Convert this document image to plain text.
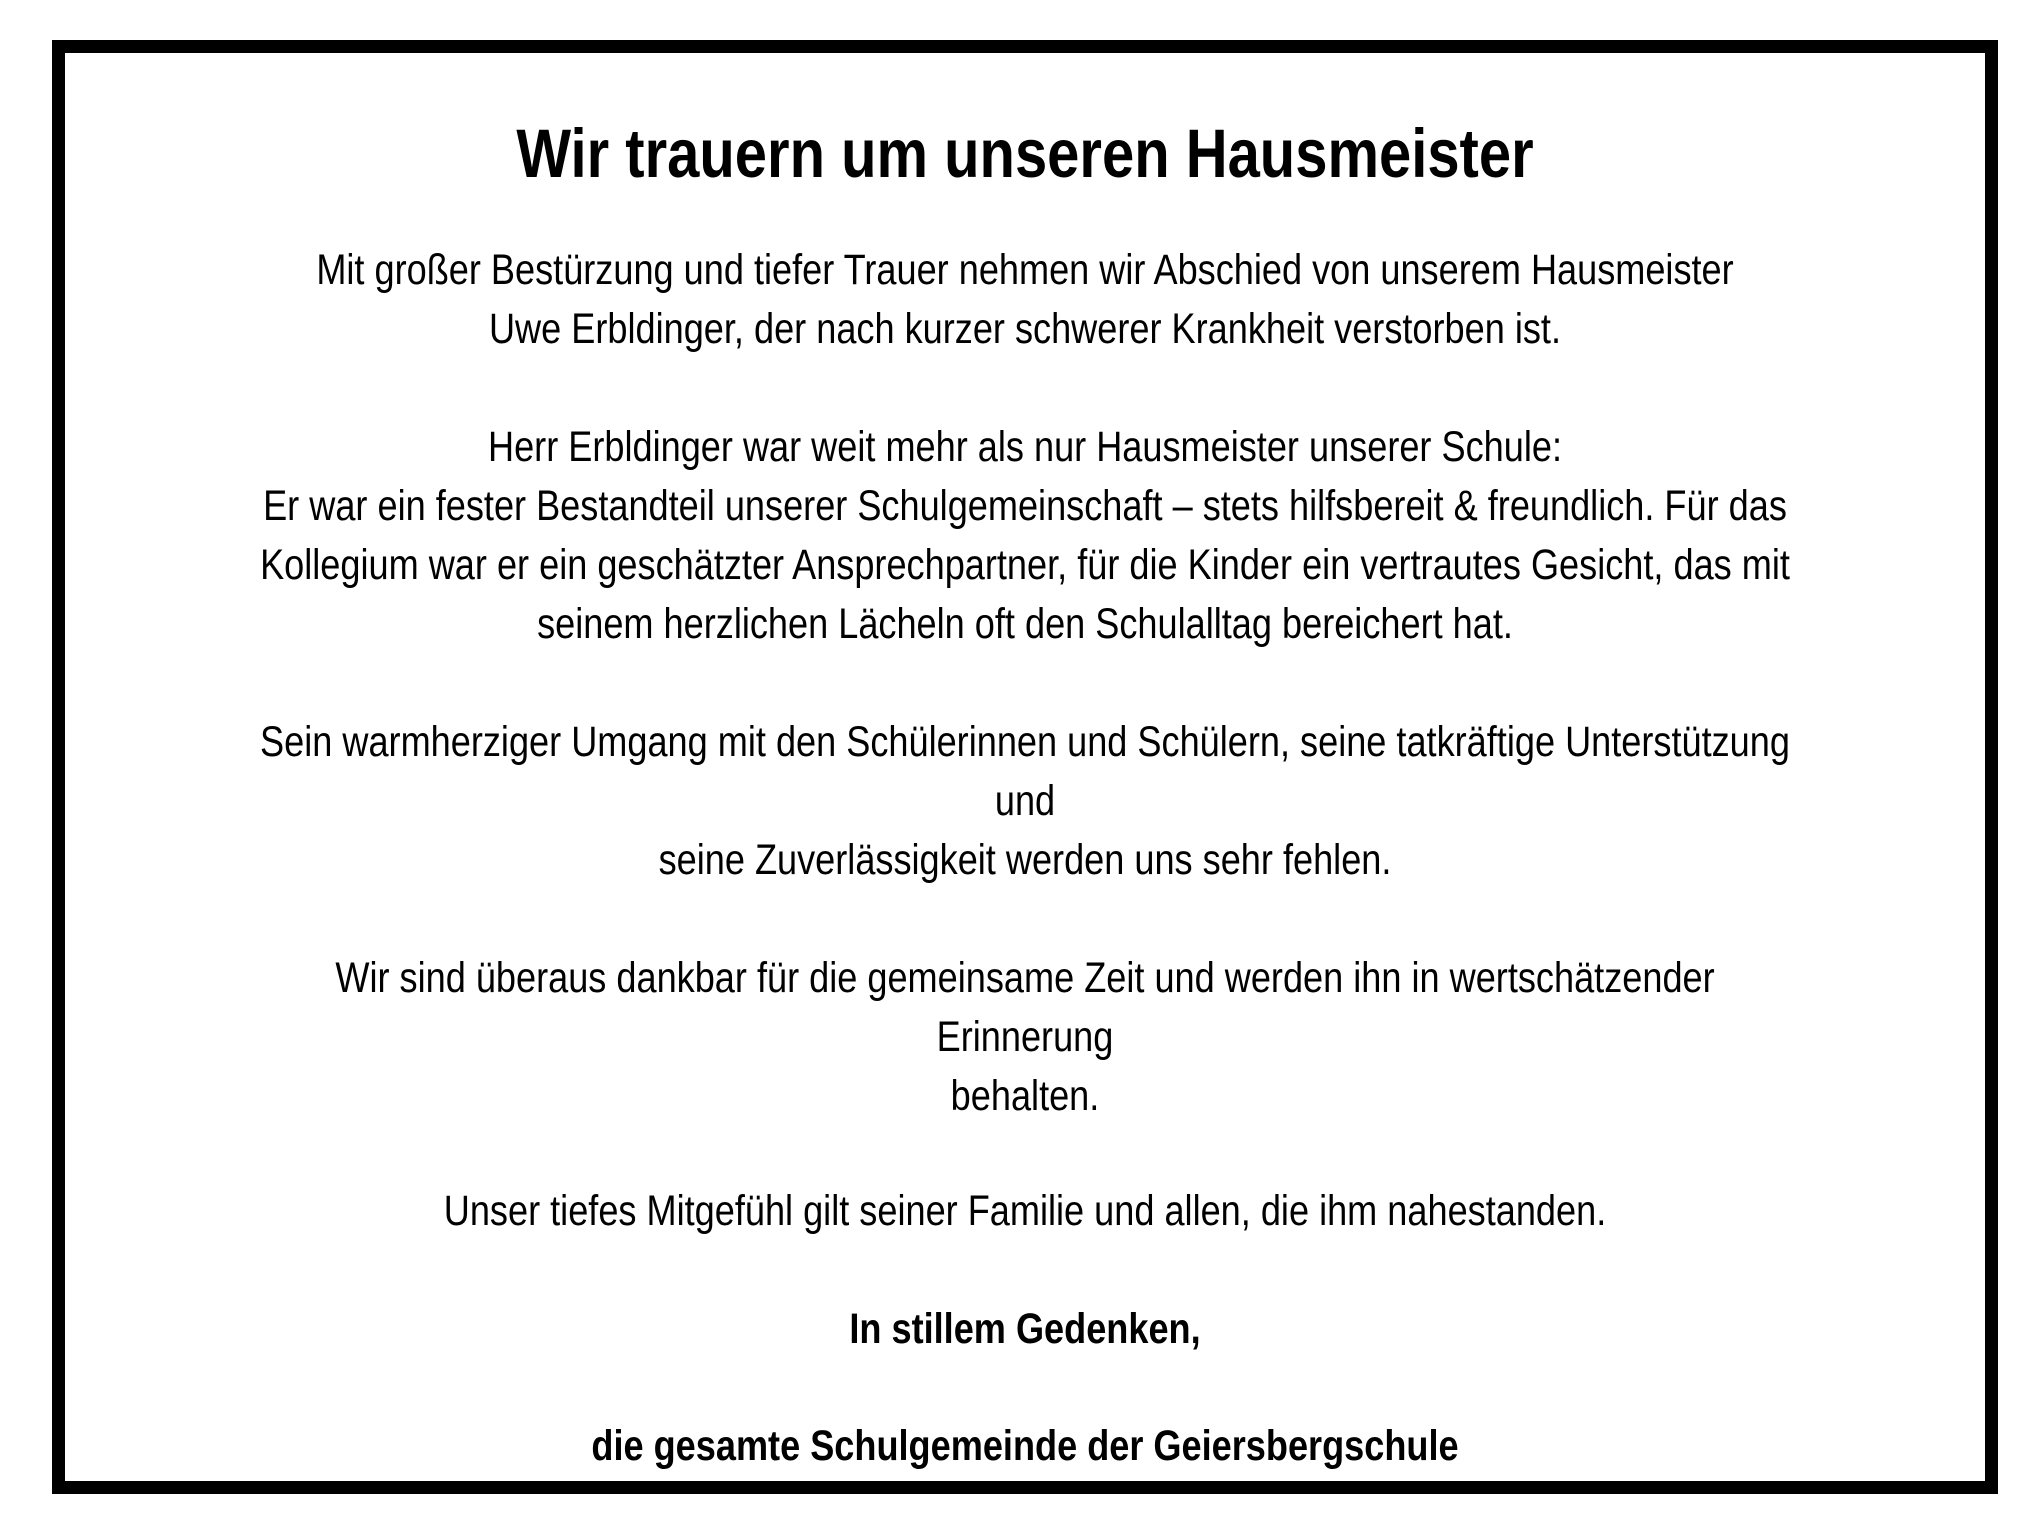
Wir trauern um unseren Hausmeister

Mit großer Bestürzung und tiefer Trauer nehmen wir Abschied von unserem Hausmeister
Uwe Erbldinger, der nach kurzer schwerer Krankheit verstorben ist.

Herr Erbldinger war weit mehr als nur Hausmeister unserer Schule:
Er war ein fester Bestandteil unserer Schulgemeinschaft – stets hilfsbereit & freundlich. Für das
Kollegium war er ein geschätzter Ansprechpartner, für die Kinder ein vertrautes Gesicht, das mit
seinem herzlichen Lächeln oft den Schulalltag bereichert hat.

Sein warmherziger Umgang mit den Schülerinnen und Schülern, seine tatkräftige Unterstützung und
seine Zuverlässigkeit werden uns sehr fehlen.

Wir sind überaus dankbar für die gemeinsame Zeit und werden ihn in wertschätzender Erinnerung
behalten.

Unser tiefes Mitgefühl gilt seiner Familie und allen, die ihm nahestanden.

In stillem Gedenken,

die gesamte Schulgemeinde der Geiersbergschule
